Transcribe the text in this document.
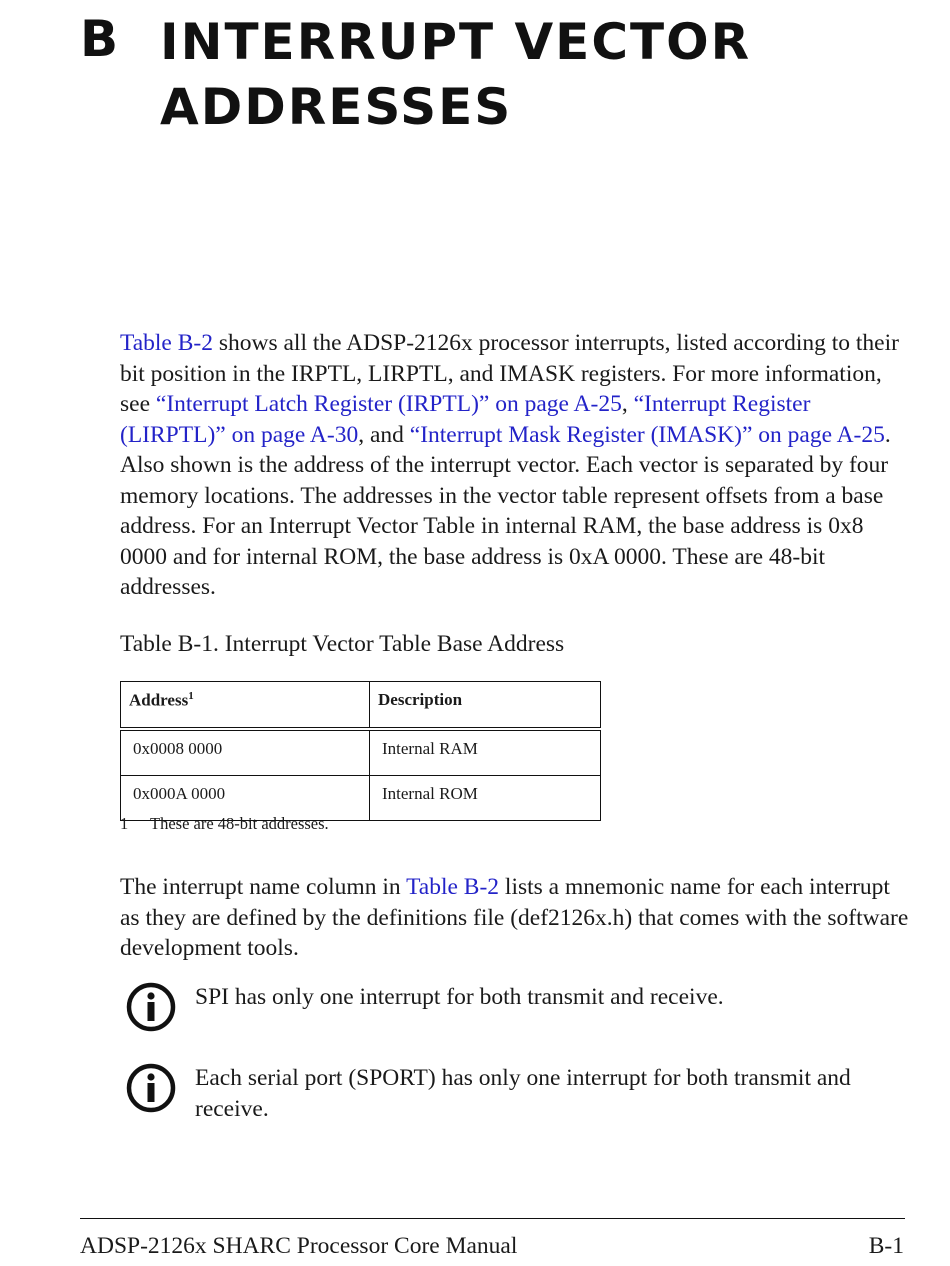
B INTERRUPT VECTOR
ADDRESSES
Table B-2 shows all the ADSP-2126x processor interrupts, listed according to their bit position in the IRPTL, LIRPTL, and IMASK registers. For more information, see “Interrupt Latch Register (IRPTL)” on page A-25, “Interrupt Register (LIRPTL)” on page A-30, and “Interrupt Mask Register (IMASK)” on page A-25. Also shown is the address of the interrupt vector. Each vector is separated by four memory locations. The addresses in the vector table represent offsets from a base address. For an Interrupt Vector Table in internal RAM, the base address is 0x8 0000 and for internal ROM, the base address is 0xA 0000. These are 48-bit addresses.
Table B-1. Interrupt Vector Table Base Address
Address$^1$	Description
0x0008 0000	Internal RAM
0x000A 0000	Internal ROM
1 These are 48-bit addresses.
The interrupt name column in Table B-2 lists a mnemonic name for each interrupt as they are defined by the definitions file (def2126x.h) that comes with the software development tools.
SPI has only one interrupt for both transmit and receive.
Each serial port (SPORT) has only one interrupt for both transmit and receive.
ADSP-2126x SHARC Processor Core Manual	B-1
